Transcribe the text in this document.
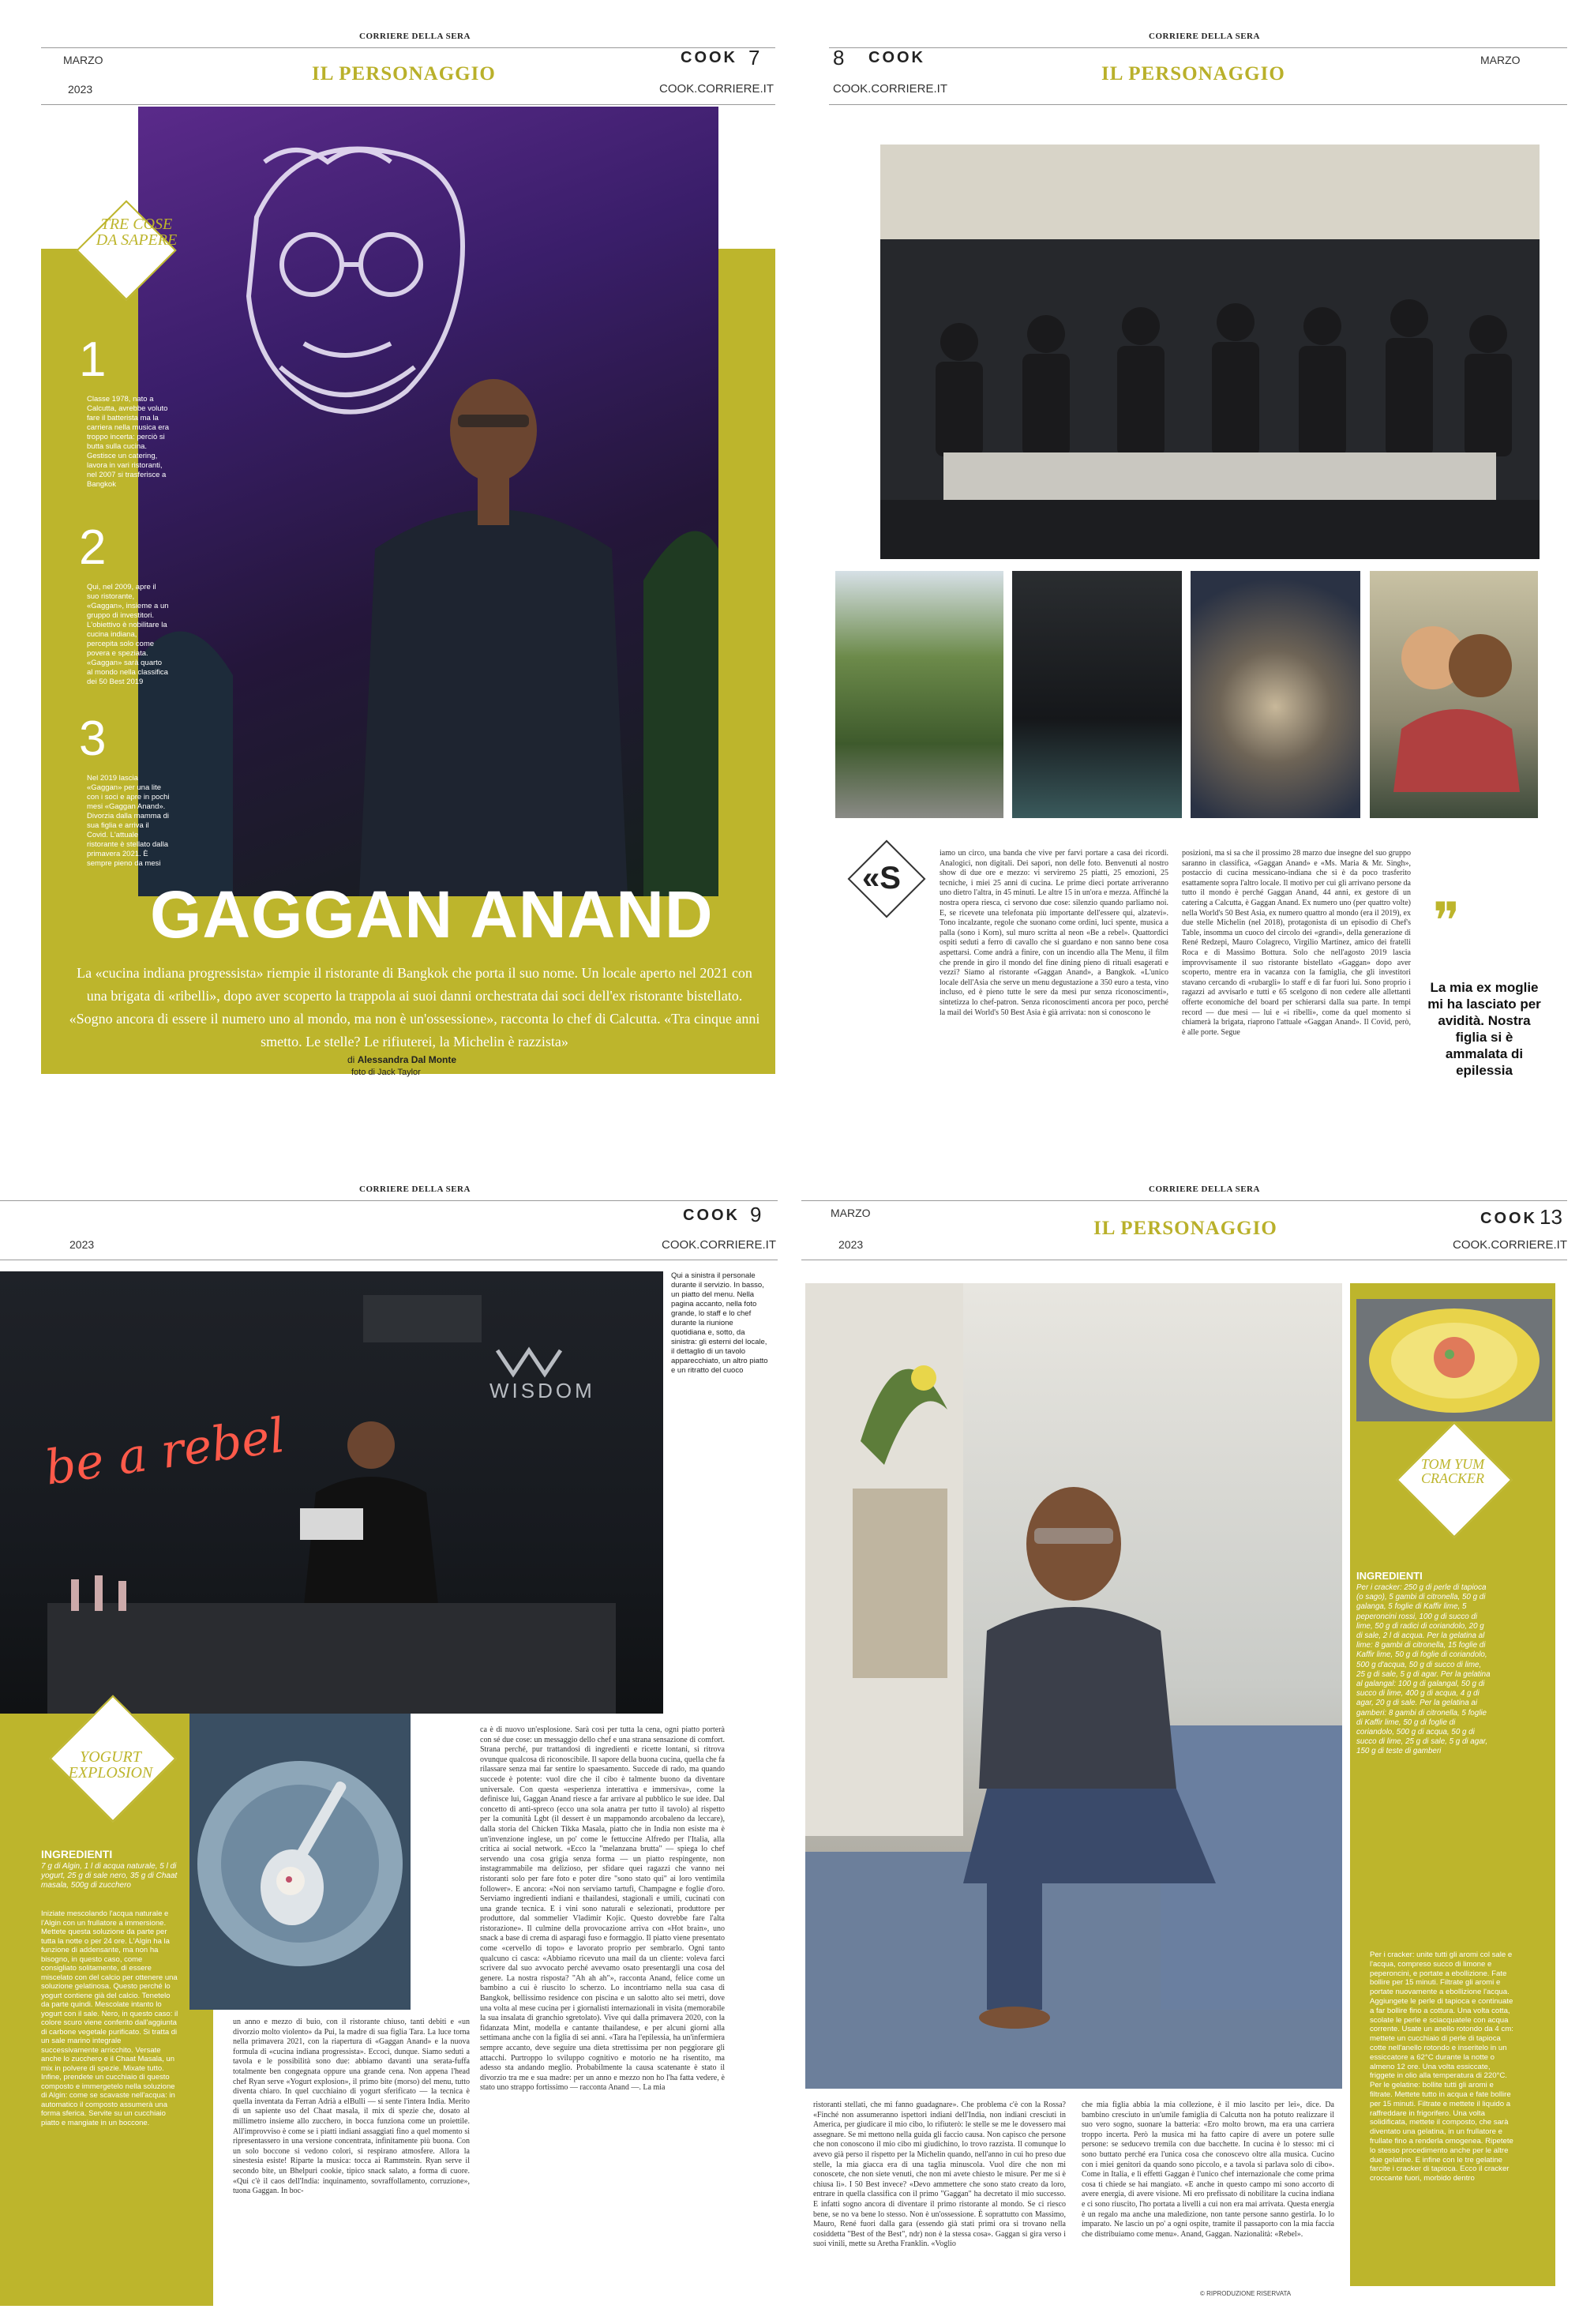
CORRIERE DELLA SERA
MARZO
2023
IL PERSONAGGIO
COOK 7
COOK.CORRIERE.IT
TRE COSE DA SAPERE
1
Classe 1978, nato a Calcutta, avrebbe voluto fare il batterista ma la carriera nella musica era troppo incerta: perciò si butta sulla cucina. Gestisce un catering, lavora in vari ristoranti, nel 2007 si trasferisce a Bangkok
2
Qui, nel 2009, apre il suo ristorante, «Gaggan», insieme a un gruppo di investitori. L'obiettivo è nobilitare la cucina indiana, percepita solo come povera e speziata. «Gaggan» sarà quarto al mondo nella classifica dei 50 Best 2019
3
Nel 2019 lascia «Gaggan» per una lite con i soci e apre in pochi mesi «Gaggan Anand». Divorzia dalla mamma di sua figlia e arriva il Covid. L'attuale ristorante è stellato dalla primavera 2021. È sempre pieno da mesi
GAGGAN ANAND
La «cucina indiana progressista» riempie il ristorante di Bangkok che porta il suo nome. Un locale aperto nel 2021 con una brigata di «ribelli», dopo aver scoperto la trappola ai suoi danni orchestrata dai soci dell'ex ristorante bistellato. «Sogno ancora di essere il numero uno al mondo, ma non è un'ossessione», racconta lo chef di Calcutta. «Tra cinque anni smetto. Le stelle? Le rifiuterei, la Michelin è razzista»
di Alessandra Dal Monte
foto di Jack Taylor
➯
CORRIERE DELLA SERA
8 COOK
IL PERSONAGGIO
MARZO
COOK.CORRIERE.IT
«S
iamo un circo, una banda che vive per farvi portare a casa dei ricordi. Analogici, non digitali. Dei sapori, non delle foto. Benvenuti al nostro show di due ore e mezzo: vi serviremo 25 piatti, 25 emozioni, 25 tecniche, i miei 25 anni di cucina. Le prime dieci portate arriveranno uno dietro l'altra, in 45 minuti. Le altre 15 in un'ora e mezza. Affinché la nostra opera riesca, ci servono due cose: silenzio quando parliamo noi. E, se ricevete una telefonata più importante dell'essere qui, alzatevi». Tono incalzante, regole che suonano come ordini, luci spente, musica a palla (sono i Korn), sul muro scritta al neon «Be a rebel». Quattordici ospiti seduti a ferro di cavallo che si guardano e non sanno bene cosa aspettarsi. Come andrà a finire, con un incendio alla The Menu, il film che prende in giro il mondo del fine dining pieno di rituali esagerati e vezzi? Siamo al ristorante «Gaggan Anand», a Bangkok. «L'unico locale dell'Asia che serve un menu degustazione a 350 euro a testa, vino incluso, ed è pieno tutte le sere da mesi pur senza riconoscimenti», sintetizza lo chef-patron. Senza riconoscimenti ancora per poco, perché la mail dei World's 50 Best Asia è già arrivata: non si conoscono le
posizioni, ma si sa che il prossimo 28 marzo due insegne del suo gruppo saranno in classifica, «Gaggan Anand» e «Ms. Maria & Mr. Singh», postaccio di cucina messicano-indiana che si è da poco trasferito esattamente sopra l'altro locale. Il motivo per cui gli arrivano persone da tutto il mondo è perché Gaggan Anand, 44 anni, ex gestore di un catering a Calcutta, è Gaggan Anand. Ex numero uno (per quattro volte) nella World's 50 Best Asia, ex numero quattro al mondo (era il 2019), ex due stelle Michelin (nel 2018), protagonista di un episodio di Chef's Table, insomma un cuoco del circolo dei «grandi», della generazione di René Redzepi, Mauro Colagreco, Virgilio Martinez, amico dei fratelli Roca e di Massimo Bottura. Solo che nell'agosto 2019 lascia improvvisamente il suo ristorante bistellato «Gaggan» dopo aver scoperto, mentre era in vacanza con la famiglia, che gli investitori stavano cercando di «rubargli» lo staff e di far fuori lui. Sono proprio i ragazzi ad avvisarlo e tutti e 65 scelgono di non cedere alle allettanti offerte economiche del board per schierarsi dalla sua parte. In tempi record — due mesi — lui e «i ribelli», come da quel momento si chiamerà la brigata, riaprono l'attuale «Gaggan Anand». Il Covid, però, è alle porte. Segue
❞
La mia ex moglie mi ha lasciato per avidità. Nostra figlia si è ammalata di epilessia
CORRIERE DELLA SERA
COOK 9
2023	COOK.CORRIERE.IT
WISDOM
be a rebel
Qui a sinistra il personale durante il servizio. In basso, un piatto del menu. Nella pagina accanto, nella foto grande, lo staff e lo chef durante la riunione quotidiana e, sotto, da sinistra: gli esterni del locale, il dettaglio di un tavolo apparecchiato, un altro piatto e un ritratto del cuoco
YOGURT EXPLOSION
INGREDIENTI
7 g di Algin, 1 l di acqua naturale, 5 l di yogurt, 25 g di sale nero, 35 g di Chaat masala, 500g di zucchero
Iniziate mescolando l'acqua naturale e l'Algin con un frullatore a immersione. Mettete questa soluzione da parte per tutta la notte o per 24 ore. L'Algin ha la funzione di addensante, ma non ha bisogno, in questo caso, come consigliato solitamente, di essere miscelato con del calcio per ottenere una soluzione gelatinosa. Questo perché lo yogurt contiene già del calcio. Tenetelo da parte quindi. Mescolate intanto lo yogurt con il sale. Nero, in questo caso: il colore scuro viene conferito dall'aggiunta di carbone vegetale purificato. Si tratta di un sale marino integrale successivamente arricchito. Versate anche lo zucchero e il Chaat Masala, un mix in polvere di spezie. Mixate tutto. Infine, prendete un cucchiaio di questo composto e immergetelo nella soluzione di Algin: come se scavaste nell'acqua: in automatico il composto assumerà una forma sferica. Servite su un cucchiaio piatto e mangiate in un boccone.
un anno e mezzo di buio, con il ristorante chiuso, tanti debiti e «un divorzio molto violento» da Pui, la madre di sua figlia Tara. La luce torna nella primavera 2021, con la riapertura di «Gaggan Anand» e la nuova formula di «cucina indiana progressista». Eccoci, dunque. Siamo seduti a tavola e le possibilità sono due: abbiamo davanti una serata-fuffa totalmente ben congegnata oppure una grande cena. Non appena l'head chef Ryan serve «Yogurt explosion», il primo bite (morso) del menu, tutto diventa chiaro. In quel cucchiaino di yogurt sferificato — la tecnica è quella inventata da Ferran Adrià a elBulli — si sente l'intera India. Merito di un sapiente uso del Chaat masala, il mix di spezie che, dosato al millimetro insieme allo zucchero, in bocca funziona come un proiettile. All'improvviso è come se i piatti indiani assaggiati fino a quel momento si ripresentassero in una versione concentrata, infinitamente più buona. Con un solo boccone si vedono colori, si respirano atmosfere. Allora la sinestesia esiste! Riparte la musica: tocca ai Rammstein. Ryan serve il secondo bite, un Bhelpuri cookie, tipico snack salato, a forma di cuore. «Qui c'è il caos dell'India: inquinamento, sovraffollamento, corruzione», tuona Gaggan. In boc-
ca è di nuovo un'esplosione. Sarà così per tutta la cena, ogni piatto porterà con sé due cose: un messaggio dello chef e una strana sensazione di comfort. Strana perché, pur trattandosi di ingredienti e ricette lontani, si ritrova ovunque qualcosa di riconoscibile. Il sapore della buona cucina, quella che fa rilassare senza mai far sentire lo spaesamento. Succede di rado, ma quando succede è potente: vuol dire che il cibo è talmente buono da diventare universale. Con questa «esperienza interattiva e immersiva», come la definisce lui, Gaggan Anand riesce a far arrivare al pubblico le sue idee. Dal concetto di anti-spreco (ecco una sola anatra per tutto il tavolo) al rispetto per la comunità Lgbt (il dessert è un mappamondo arcobaleno da leccare), dalla storia del Chicken Tikka Masala, piatto che in India non esiste ma è un'invenzione inglese, un po' come le fettuccine Alfredo per l'Italia, alla critica ai social network. «Ecco la "melanzana brutta" — spiega lo chef servendo una cosa grigia senza forma — un piatto respingente, non instagrammabile ma delizioso, per sfidare quei ragazzi che vanno nei ristoranti solo per fare foto e poter dire "sono stato qui" ai loro ventimila follower». E ancora: «Noi non serviamo tartufi, Champagne e foglie d'oro. Serviamo ingredienti indiani e thailandesi, stagionali e umili, cucinati con una grande tecnica. E i vini sono naturali e selezionati, produttore per produttore, dal sommelier Vladimir Kojic. Questo dovrebbe fare l'alta ristorazione». Il culmine della provocazione arriva con «Hot brain», uno snack a base di crema di asparagi fuso e formaggio. Il piatto viene presentato come «cervello di topo» e lavorato proprio per sembrarlo. Ogni tanto qualcuno ci casca: «Abbiamo ricevuto una mail da un cliente: voleva farci scrivere dal suo avvocato perché avevamo osato presentargli una cosa del genere. La nostra risposta? "Ah ah ah"», racconta Anand, felice come un bambino a cui è riuscito lo scherzo. Lo incontriamo nella sua casa di Bangkok, bellissimo residence con piscina e un salotto alto sei metri, dove una volta al mese cucina per i giornalisti internazionali in visita (memorabile la sua insalata di granchio sgretolato). Vive qui dalla primavera 2020, con la fidanzata Mint, modella e cantante thailandese, e per alcuni giorni alla settimana anche con la figlia di sei anni. «Tara ha l'epilessia, ha un'infermiera sempre accanto, deve seguire una dieta strettissima per non peggiorare gli attacchi. Purtroppo lo sviluppo cognitivo e motorio ne ha risentito, ma adesso sta andando meglio. Probabilmente la causa scatenante è stato il divorzio tra me e sua madre: per un anno e mezzo non ho l'ha fatta vedere, è stato uno strappo fortissimo — racconta Anand —. La mia
CORRIERE DELLA SERA
MARZO
2023
IL PERSONAGGIO	COOK 13
COOK.CORRIERE.IT
TOM YUM CRACKER
INGREDIENTI
Per i cracker: 250 g di perle di tapioca (o sago), 5 gambi di citronella, 50 g di galanga, 5 foglie di Kaffir lime, 5 peperoncini rossi, 100 g di succo di lime, 50 g di radici di coriandolo, 20 g di sale, 2 l di acqua. Per la gelatina al lime: 8 gambi di citronella, 15 foglie di Kaffir lime, 50 g di foglie di coriandolo, 500 g d'acqua, 50 g di succo di lime, 25 g di sale, 5 g di agar. Per la gelatina al galangal: 100 g di galangal, 50 g di succo di lime, 400 g di acqua, 4 g di agar, 20 g di sale. Per la gelatina ai gamberi: 8 gambi di citronella, 5 foglie di Kaffir lime, 50 g di foglie di coriandolo, 500 g di acqua, 50 g di succo di lime, 25 g di sale, 5 g di agar, 150 g di teste di gamberi
Per i cracker: unite tutti gli aromi col sale e l'acqua, compreso succo di limone e peperoncini, e portate a ebollizione. Fate bollire per 15 minuti. Filtrate gli aromi e portate nuovamente a ebollizione l'acqua. Aggiungete le perle di tapioca e continuate a far bollire fino a cottura. Una volta cotta, scolate le perle e sciacquatele con acqua corrente. Usate un anello rotondo da 4 cm: mettete un cucchiaio di perle di tapioca cotte nell'anello rotondo e inseritelo in un essiccatore a 62°C durante la notte o almeno 12 ore. Una volta essiccate, friggete in olio alla temperatura di 220°C. Per le gelatine: bollite tutti gli aromi e filtrate. Mettete tutto in acqua e fate bollire per 15 minuti. Filtrate e mettete il liquido a raffreddare in frigorifero. Una volta solidificata, mettete il composto, che sarà diventato una gelatina, in un frullatore e frullate fino a renderla omogenea. Ripetete lo stesso procedimento anche per le altre due gelatine. E infine con le tre gelatine farcite i cracker di tapioca. Ecco il cracker croccante fuori, morbido dentro
ristoranti stellati, che mi fanno guadagnare». Che problema c'è con la Rossa? «Finché non assumeranno ispettori indiani dell'India, non indiani cresciuti in America, per giudicare il mio cibo, lo rifiuterò: le stelle se me le dovessero mai assegnare. Se mi mettono nella guida gli faccio causa. Non capisco che persone che non conoscono il mio cibo mi giudichino, lo trovo razzista. Il comunque lo avevo già perso il rispetto per la Michelin quando, nell'anno in cui ho preso due stelle, la mia giacca era di una taglia minuscola. Vuol dire che non mi conoscete, che non siete venuti, che non mi avete chiesto le misure. Per me si è chiusa lì». I 50 Best invece? «Devo ammettere che sono stato creato da loro, entrare in quella classifica con il primo "Gaggan" ha decretato il mio successo. E infatti sogno ancora di diventare il primo ristorante al mondo. Se ci riesco bene, se no va bene lo stesso. Non è un'ossessione. È soprattutto con Massimo, Mauro, René fuori dalla gara (essendo già stati primi ora si trovano nella cosiddetta "Best of the Best", ndr) non è la stessa cosa». Gaggan si gira verso i suoi vinili, mette su Aretha Franklin. «Voglio
che mia figlia abbia la mia collezione, è il mio lascito per lei», dice. Da bambino cresciuto in un'umile famiglia di Calcutta non ha potuto realizzare il suo vero sogno, suonare la batteria: «Ero molto brown, ma era una carriera troppo incerta. Però la musica mi ha fatto capire di avere un potere sulle persone: se seducevo tremila con due bacchette. In cucina è lo stesso: mi ci sono buttato perché era l'unica cosa che conoscevo oltre alla musica. Cucino con i miei genitori da quando sono piccolo, e a tavola si parlava solo di cibo». Come in Italia, e lì effetti Gaggan è l'unico chef internazionale che come prima cosa ti chiede se hai mangiato. «E anche in questo campo mi sono accorto di avere energia, di avere visione. Mi ero prefissato di nobilitare la cucina indiana e ci sono riuscito, l'ho portata a livelli a cui non era mai arrivata. Questa energia è un regalo ma anche una maledizione, non tante persone sanno gestirla. Io lo imparato. Ne lascio un po' a ogni ospite, tramite il passaporto con la mia faccia che distribuiamo come menu». Anand, Gaggan. Nazionalità: «Rebel».
© RIPRODUZIONE RISERVATA
